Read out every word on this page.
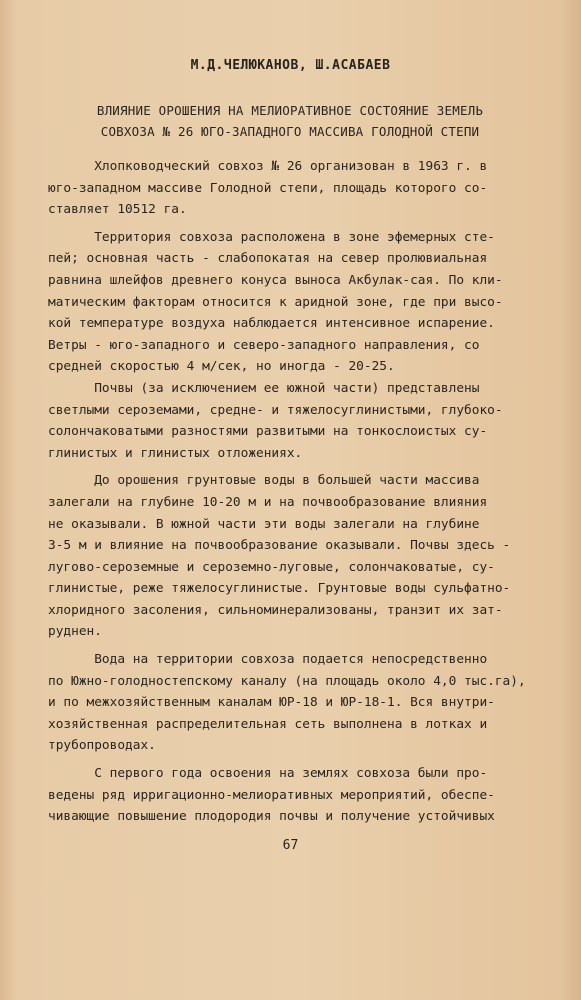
М.Д.ЧЕЛЮКАНОВ, Ш.АСАБАЕВ
ВЛИЯНИЕ ОРОШЕНИЯ НА МЕЛИОРАТИВНОЕ СОСТОЯНИЕ ЗЕМЕЛЬ
СОВХОЗА № 26 ЮГО-ЗАПАДНОГО МАССИВА ГОЛОДНОЙ СТЕПИ
Хлопководческий совхоз № 26 организован в 1963 г. в
юго-западном массиве Голодной степи, площадь которого со-
ставляет 10512 га.
Территория совхоза расположена в зоне эфемерных сте-
пей; основная часть - слабопокатая на север пролювиальная
равнина шлейфов древнего конуса выноса Акбулак-сая. По кли-
матическим факторам относится к аридной зоне, где при высо-
кой температуре воздуха наблюдается интенсивное испарение.
Ветры - юго-западного и северо-западного направления, со
средней скоростью 4 м/сек, но иногда - 20-25.
Почвы (за исключением ее южной части) представлены
светлыми сероземами, средне- и тяжелосуглинистыми, глубоко-
солончаковатыми разностями развитыми на тонкослоистых су-
глинистых и глинистых отложениях.
До орошения грунтовые воды в большей части массива
залегали на глубине 10-20 м и на почвообразование влияния
не оказывали. В южной части эти воды залегали на глубине
3-5 м и влияние на почвообразование оказывали. Почвы здесь -
лугово-сероземные и сероземно-луговые, солончаковатые, су-
глинистые, реже тяжелосуглинистые. Грунтовые воды сульфатно-
хлоридного засоления, сильноминерализованы, транзит их зат-
руднен.
Вода на территории совхоза подается непосредственно
по Южно-голодностепскому каналу (на площадь около 4,0 тыс.га),
и по межхозяйственным каналам ЮР-18 и ЮР-18-1. Вся внутри-
хозяйственная распределительная сеть выполнена в лотках и
трубопроводах.
С первого года освоения на землях совхоза были про-
ведены ряд ирригационно-мелиоративных мероприятий, обеспе-
чивающие повышение плодородия почвы и получение устойчивых
67
